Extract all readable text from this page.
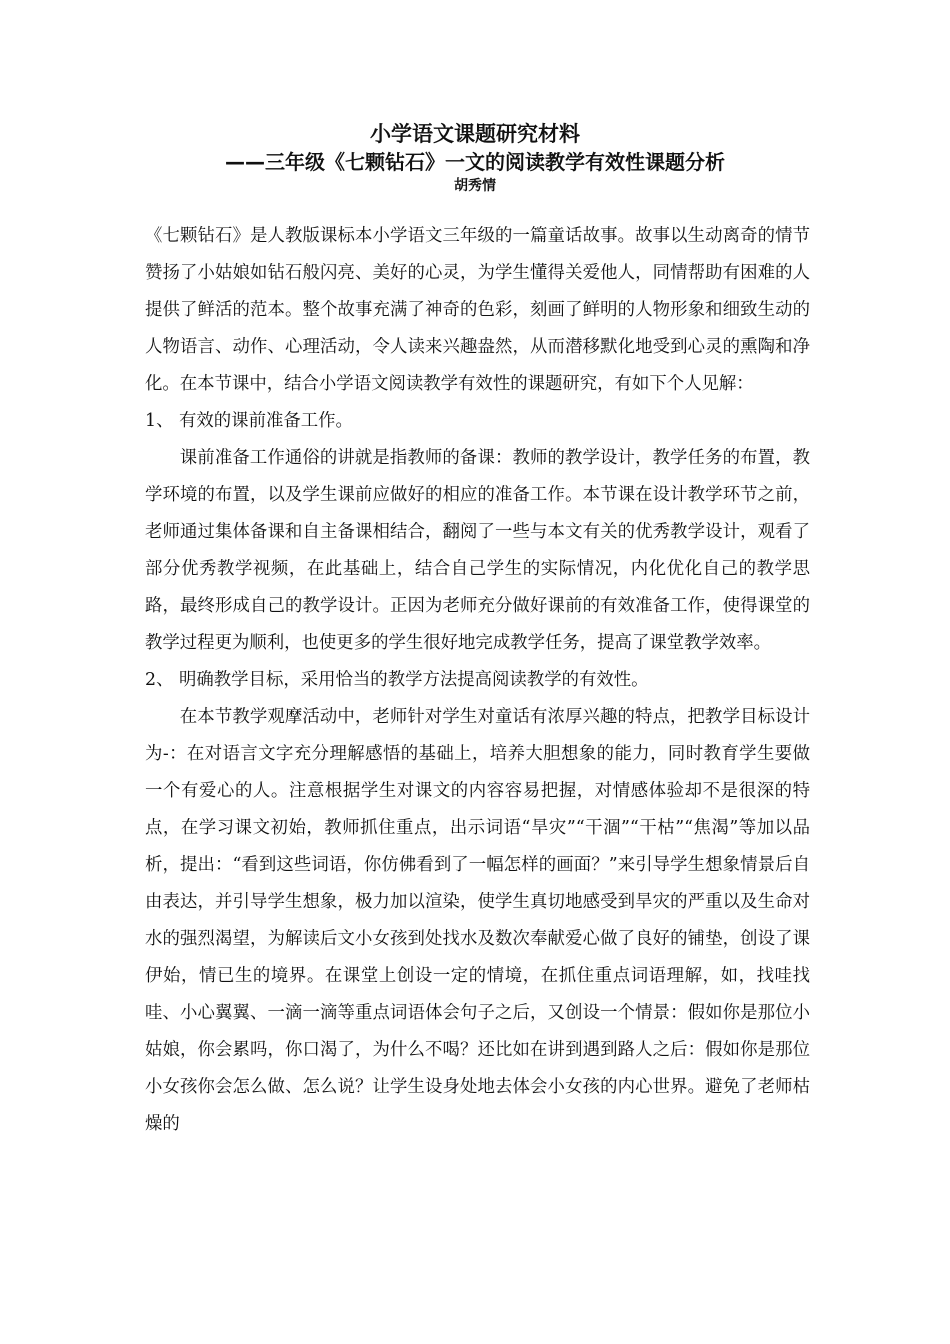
小学语文课题研究材料
——三年级《七颗钻石》一文的阅读教学有效性课题分析
胡秀情

《七颗钻石》是人教版课标本小学语文三年级的一篇童话故事。故事以生动离奇的情节赞扬了小姑娘如钻石般闪亮、美好的心灵，为学生懂得关爱他人，同情帮助有困难的人提供了鲜活的范本。整个故事充满了神奇的色彩，刻画了鲜明的人物形象和细致生动的人物语言、动作、心理活动，令人读来兴趣盎然，从而潜移默化地受到心灵的熏陶和净化。在本节课中，结合小学语文阅读教学有效性的课题研究，有如下个人见解：

1、 有效的课前准备工作。

课前准备工作通俗的讲就是指教师的备课：教师的教学设计，教学任务的布置，教学环境的布置，以及学生课前应做好的相应的准备工作。本节课在设计教学环节之前，老师通过集体备课和自主备课相结合，翻阅了一些与本文有关的优秀教学设计，观看了部分优秀教学视频，在此基础上，结合自己学生的实际情况，内化优化自己的教学思路，最终形成自己的教学设计。正因为老师充分做好课前的有效准备工作，使得课堂的教学过程更为顺利，也使更多的学生很好地完成教学任务，提高了课堂教学效率。

2、 明确教学目标，采用恰当的教学方法提高阅读教学的有效性。

在本节教学观摩活动中，老师针对学生对童话有浓厚兴趣的特点，把教学目标设计为-：在对语言文字充分理解感悟的基础上，培养大胆想象的能力，同时教育学生要做一个有爱心的人。注意根据学生对课文的内容容易把握，对情感体验却不是很深的特点，在学习课文初始，教师抓住重点，出示词语“旱灾”“干涸”“干枯”“焦渴”等加以品析，提出：“看到这些词语，你仿佛看到了一幅怎样的画面？”来引导学生想象情景后自由表达，并引导学生想象，极力加以渲染，使学生真切地感受到旱灾的严重以及生命对水的强烈渴望，为解读后文小女孩到处找水及数次奉献爱心做了良好的铺垫，创设了课伊始，情已生的境界。在课堂上创设一定的情境，在抓住重点词语理解，如，找哇找哇、小心翼翼、一滴一滴等重点词语体会句子之后，又创设一个情景：假如你是那位小姑娘，你会累吗，你口渴了，为什么不喝？还比如在讲到遇到路人之后：假如你是那位小女孩你会怎么做、怎么说？让学生设身处地去体会小女孩的内心世界。避免了老师枯燥的
